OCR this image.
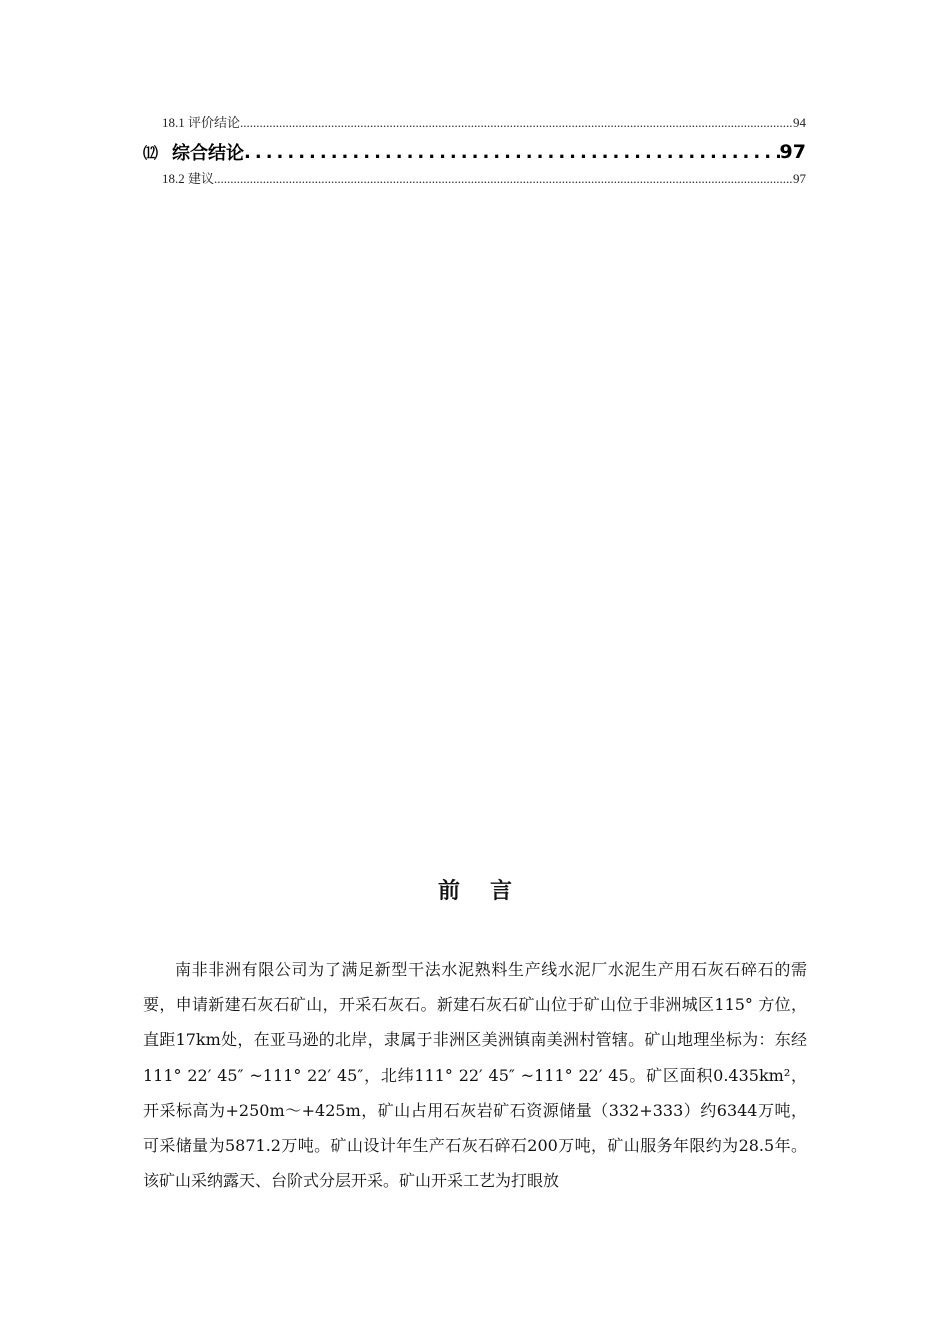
18.1 评价结论 .....	94
⑿ 综合结论 .....	97
18.2 建议 .....	97
前言
南非非洲有限公司为了满足新型干法水泥熟料生产线水泥厂水泥生产用石灰石碎石的需要，申请新建石灰石矿山，开采石灰石。新建石灰石矿山位于矿山位于非洲城区115° 方位，直距17km处，在亚马逊的北岸，隶属于非洲区美洲镇南美洲村管辖。矿山地理坐标为：东经111° 22′ 45″ ~111° 22′ 45″，北纬111° 22′ 45″ ~111° 22′ 45。矿区面积0.435km²，开采标高为+250m～+425m，矿山占用石灰岩矿石资源储量（332+333）约6344万吨，可采储量为5871.2万吨。矿山设计年生产石灰石碎石200万吨，矿山服务年限约为28.5年。该矿山采纳露天、台阶式分层开采。矿山开采工艺为打眼放
